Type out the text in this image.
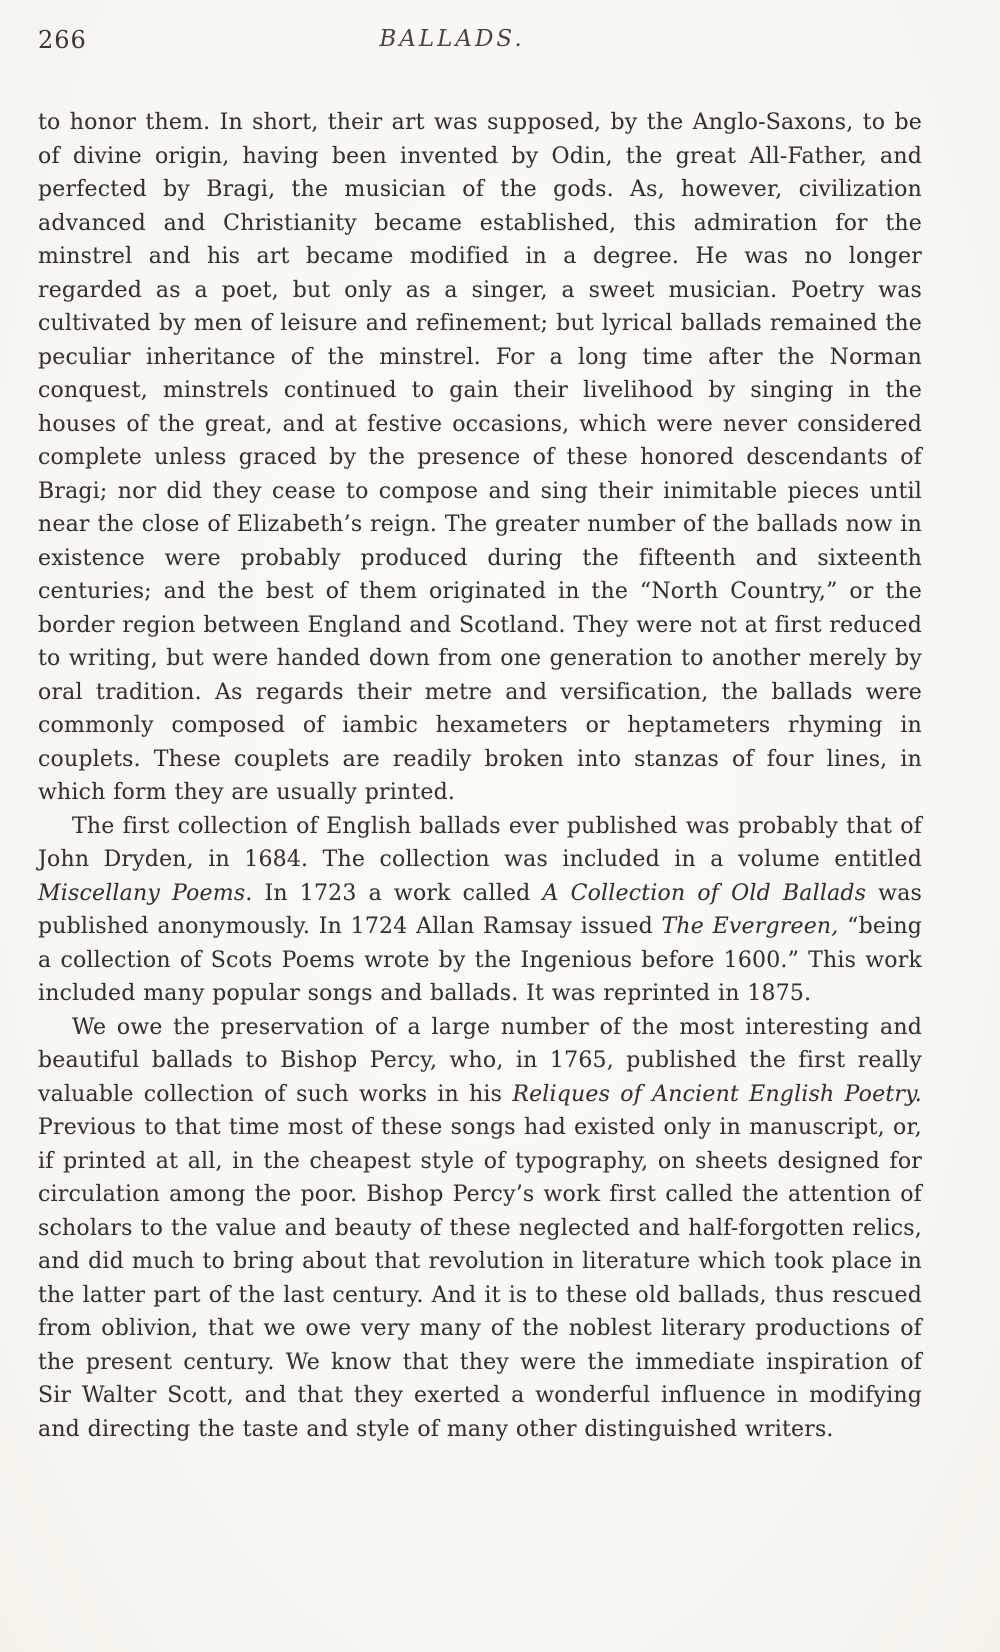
266	BALLADS.

to honor them. In short, their art was supposed, by the Anglo-Saxons, to be of divine origin, having been invented by Odin, the great All-Father, and perfected by Bragi, the musician of the gods. As, however, civilization advanced and Christianity became established, this admiration for the minstrel and his art became modified in a degree. He was no longer regarded as a poet, but only as a singer, a sweet musician. Poetry was cultivated by men of leisure and refinement; but lyrical ballads remained the peculiar inheritance of the minstrel. For a long time after the Norman conquest, minstrels continued to gain their livelihood by singing in the houses of the great, and at festive occasions, which were never considered complete unless graced by the presence of these honored descendants of Bragi; nor did they cease to compose and sing their inimitable pieces until near the close of Elizabeth’s reign. The greater number of the ballads now in existence were probably produced during the fifteenth and sixteenth centuries; and the best of them originated in the “North Country,” or the border region between England and Scotland. They were not at first reduced to writing, but were handed down from one generation to another merely by oral tradition. As regards their metre and versification, the ballads were commonly composed of iambic hexameters or heptameters rhyming in couplets. These couplets are readily broken into stanzas of four lines, in which form they are usually printed.

The first collection of English ballads ever published was probably that of John Dryden, in 1684. The collection was included in a volume entitled Miscellany Poems. In 1723 a work called A Collection of Old Ballads was published anonymously. In 1724 Allan Ramsay issued The Evergreen, “being a collection of Scots Poems wrote by the Ingenious before 1600.” This work included many popular songs and ballads. It was reprinted in 1875.

We owe the preservation of a large number of the most interesting and beautiful ballads to Bishop Percy, who, in 1765, published the first really valuable collection of such works in his Reliques of Ancient English Poetry. Previous to that time most of these songs had existed only in manuscript, or, if printed at all, in the cheapest style of typography, on sheets designed for circulation among the poor. Bishop Percy’s work first called the attention of scholars to the value and beauty of these neglected and half-forgotten relics, and did much to bring about that revolution in literature which took place in the latter part of the last century. And it is to these old ballads, thus rescued from oblivion, that we owe very many of the noblest literary productions of the present century. We know that they were the immediate inspiration of Sir Walter Scott, and that they exerted a wonderful influence in modifying and directing the taste and style of many other distinguished writers.
